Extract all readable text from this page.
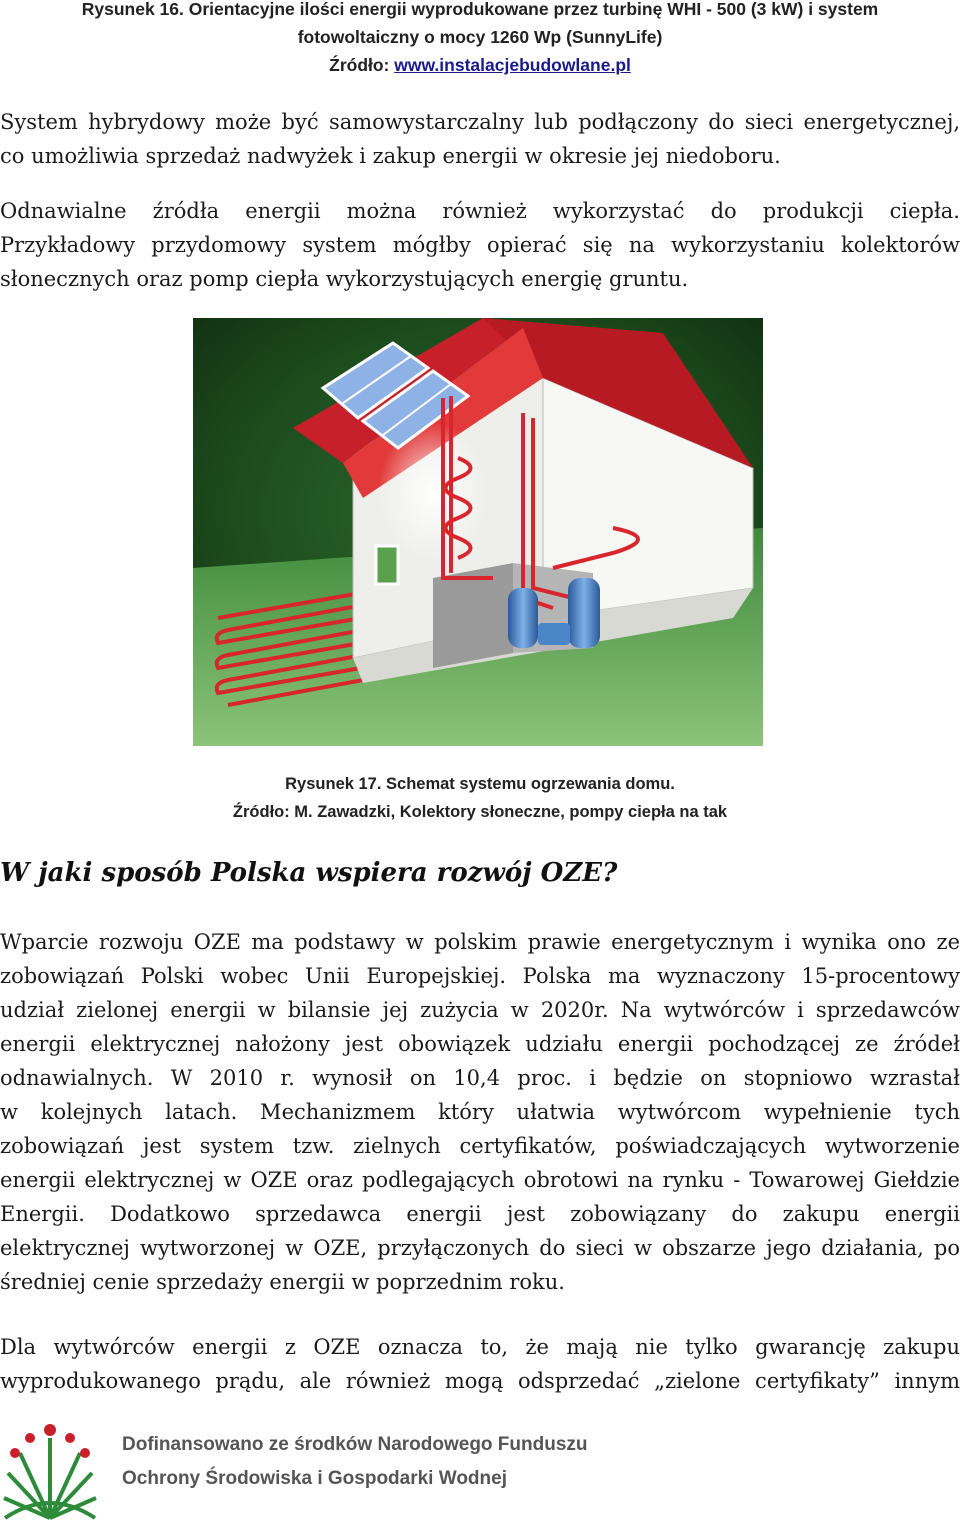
Rysunek 16. Orientacyjne ilości energii wyprodukowane przez turbinę WHI - 500 (3 kW) i system
fotowoltaiczny o mocy 1260 Wp (SunnyLife)
Źródło: www.instalacjebudowlane.pl
System hybrydowy może być samowystarczalny lub podłączony do sieci energetycznej,
co umożliwia sprzedaż nadwyżek i zakup energii w okresie jej niedoboru.
Odnawialne źródła energii można również wykorzystać do produkcji ciepła.
Przykładowy przydomowy system mógłby opierać się na wykorzystaniu kolektorów
słonecznych oraz pomp ciepła wykorzystujących energię gruntu.
Rysunek 17. Schemat systemu ogrzewania domu.
Źródło: M. Zawadzki, Kolektory słoneczne, pompy ciepła na tak
W jaki sposób Polska wspiera rozwój OZE?
Wparcie rozwoju OZE ma podstawy w polskim prawie energetycznym i wynika ono ze
zobowiązań Polski wobec Unii Europejskiej. Polska ma wyznaczony 15-procentowy
udział zielonej energii w bilansie jej zużycia w 2020r. Na wytwórców i sprzedawców
energii elektrycznej nałożony jest obowiązek udziału energii pochodzącej ze źródeł
odnawialnych. W 2010 r. wynosił on 10,4 proc. i będzie on stopniowo wzrastał
w kolejnych latach. Mechanizmem który ułatwia wytwórcom wypełnienie tych
zobowiązań jest system tzw. zielnych certyfikatów, poświadczających wytworzenie
energii elektrycznej w OZE oraz podlegających obrotowi na rynku - Towarowej Giełdzie
Energii. Dodatkowo sprzedawca energii jest zobowiązany do zakupu energii
elektrycznej wytworzonej w OZE, przyłączonych do sieci w obszarze jego działania, po
średniej cenie sprzedaży energii w poprzednim roku.
Dla wytwórców energii z OZE oznacza to, że mają nie tylko gwarancję zakupu
wyprodukowanego prądu, ale również mogą odsprzedać „zielone certyfikaty” innym
Dofinansowano ze środków Narodowego Funduszu
Ochrony Środowiska i Gospodarki Wodnej
